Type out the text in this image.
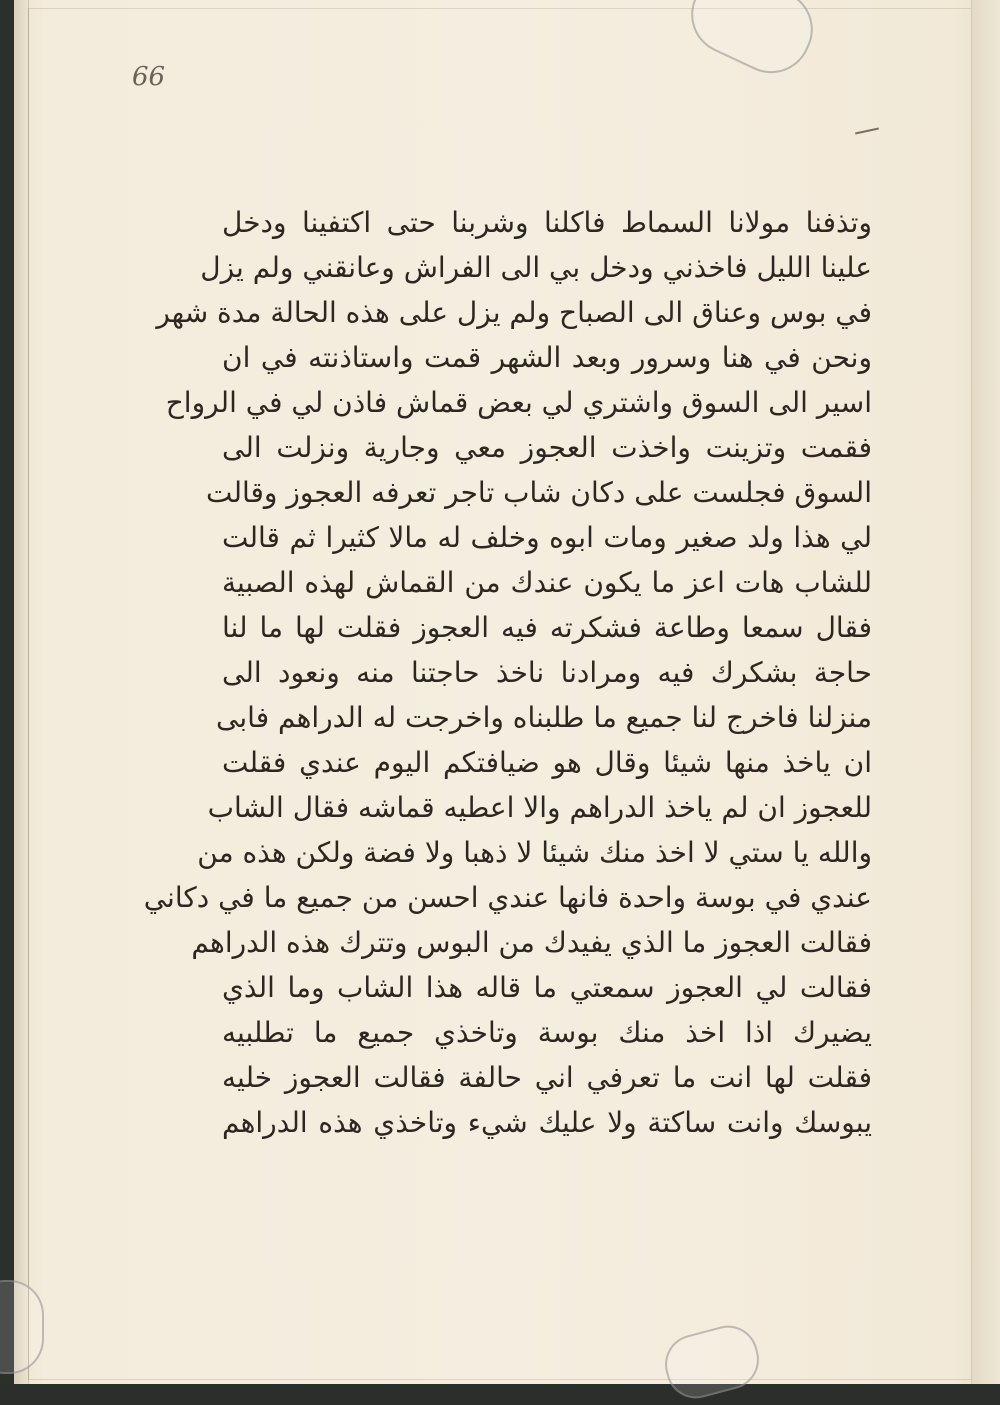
66
وتذفنا مولانا السماط فاكلنا وشربنا حتى اكتفينا ودخل
علينا الليل فاخذني ودخل بي الى الفراش وعانقني ولم يزل
في بوس وعناق الى الصباح ولم يزل على هذه الحالة مدة شهر
ونحن في هنا وسرور وبعد الشهر قمت واستاذنته في ان
اسير الى السوق واشتري لي بعض قماش فاذن لي في الرواح
فقمت وتزينت واخذت العجوز معي وجارية ونزلت الى
السوق فجلست على دكان شاب تاجر تعرفه العجوز وقالت
لي هذا ولد صغير ومات ابوه وخلف له مالا كثيرا ثم قالت
للشاب هات اعز ما يكون عندك من القماش لهذه الصبية
فقال سمعا وطاعة فشكرته فيه العجوز فقلت لها ما لنا
حاجة بشكرك فيه ومرادنا ناخذ حاجتنا منه ونعود الى
منزلنا فاخرج لنا جميع ما طلبناه واخرجت له الدراهم فابى
ان ياخذ منها شيئا وقال هو ضيافتكم اليوم عندي فقلت
للعجوز ان لم ياخذ الدراهم والا اعطيه قماشه فقال الشاب
والله يا ستي لا اخذ منك شيئا لا ذهبا ولا فضة ولكن هذه من
عندي في بوسة واحدة فانها عندي احسن من جميع ما في دكاني
فقالت العجوز ما الذي يفيدك من البوس وتترك هذه الدراهم
فقالت لي العجوز سمعتي ما قاله هذا الشاب وما الذي
يضيرك اذا اخذ منك بوسة وتاخذي جميع ما تطلبيه
فقلت لها انت ما تعرفي اني حالفة فقالت العجوز خليه
يبوسك وانت ساكتة ولا عليك شيء وتاخذي هذه الدراهم
